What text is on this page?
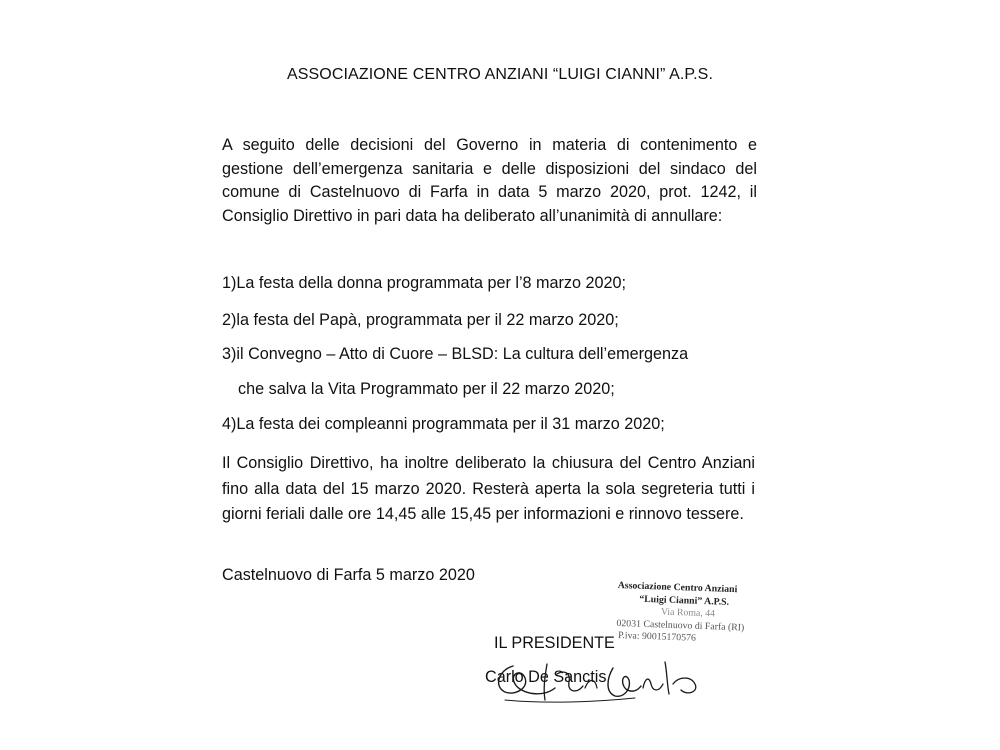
ASSOCIAZIONE CENTRO ANZIANI “LUIGI CIANNI” A.P.S.
A seguito delle decisioni del Governo in materia di contenimento e gestione dell’emergenza sanitaria e delle disposizioni del sindaco del comune di Castelnuovo di Farfa in data 5 marzo 2020, prot. 1242, il Consiglio Direttivo in pari data ha deliberato all’unanimità di annullare:
1)La festa della donna programmata per l’8 marzo 2020;
2)la festa del Papà, programmata per il 22 marzo 2020;
3)il Convegno – Atto di Cuore – BLSD: La cultura dell’emergenza
che salva la Vita Programmato per il 22 marzo 2020;
4)La festa dei compleanni programmata per il 31 marzo 2020;
Il Consiglio Direttivo, ha inoltre deliberato la chiusura del Centro Anziani fino alla data del 15 marzo 2020. Resterà aperta la sola segreteria tutti i giorni feriali dalle ore 14,45 alle 15,45 per informazioni e rinnovo tessere.
Castelnuovo di Farfa 5 marzo 2020
Associazione Centro Anziani
“Luigi Cianni” A.P.S.
Via Roma, 44
02031 Castelnuovo di Farfa (RI)
P.iva: 90015170576
IL PRESIDENTE
Carlo De Sanctis
